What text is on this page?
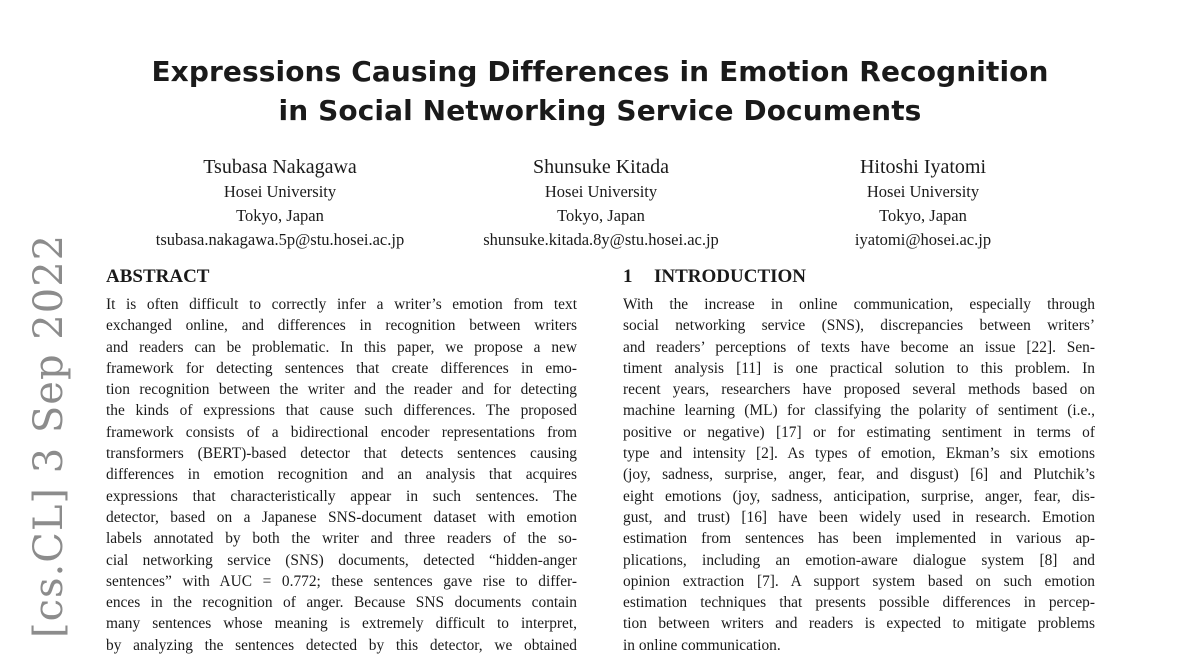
Expressions Causing Differences in Emotion Recognition
in Social Networking Service Documents
Tsubasa Nakagawa
Hosei University
Tokyo, Japan
tsubasa.nakagawa.5p@stu.hosei.ac.jp
Shunsuke Kitada
Hosei University
Tokyo, Japan
shunsuke.kitada.8y@stu.hosei.ac.jp
Hitoshi Iyatomi
Hosei University
Tokyo, Japan
iyatomi@hosei.ac.jp
ABSTRACT	1 INTRODUCTION
It is often difficult to correctly infer a writer’s emotion from text
exchanged online, and differences in recognition between writers
and readers can be problematic. In this paper, we propose a new
framework for detecting sentences that create differences in emo-
tion recognition between the writer and the reader and for detecting
the kinds of expressions that cause such differences. The proposed
framework consists of a bidirectional encoder representations from
transformers (BERT)-based detector that detects sentences causing
differences in emotion recognition and an analysis that acquires
expressions that characteristically appear in such sentences. The
detector, based on a Japanese SNS-document dataset with emotion
labels annotated by both the writer and three readers of the so-
cial networking service (SNS) documents, detected “hidden-anger
sentences” with AUC = 0.772; these sentences gave rise to differ-
ences in the recognition of anger. Because SNS documents contain
many sentences whose meaning is extremely difficult to interpret,
by analyzing the sentences detected by this detector, we obtained
With the increase in online communication, especially through
social networking service (SNS), discrepancies between writers’
and readers’ perceptions of texts have become an issue [22]. Sen-
timent analysis [11] is one practical solution to this problem. In
recent years, researchers have proposed several methods based on
machine learning (ML) for classifying the polarity of sentiment (i.e.,
positive or negative) [17] or for estimating sentiment in terms of
type and intensity [2]. As types of emotion, Ekman’s six emotions
(joy, sadness, surprise, anger, fear, and disgust) [6] and Plutchik’s
eight emotions (joy, sadness, anticipation, surprise, anger, fear, dis-
gust, and trust) [16] have been widely used in research. Emotion
estimation from sentences has been implemented in various ap-
plications, including an emotion-aware dialogue system [8] and
opinion extraction [7]. A support system based on such emotion
estimation techniques that presents possible differences in percep-
tion between writers and readers is expected to mitigate problems
in online communication.
[cs.CL] 3 Sep 2022
